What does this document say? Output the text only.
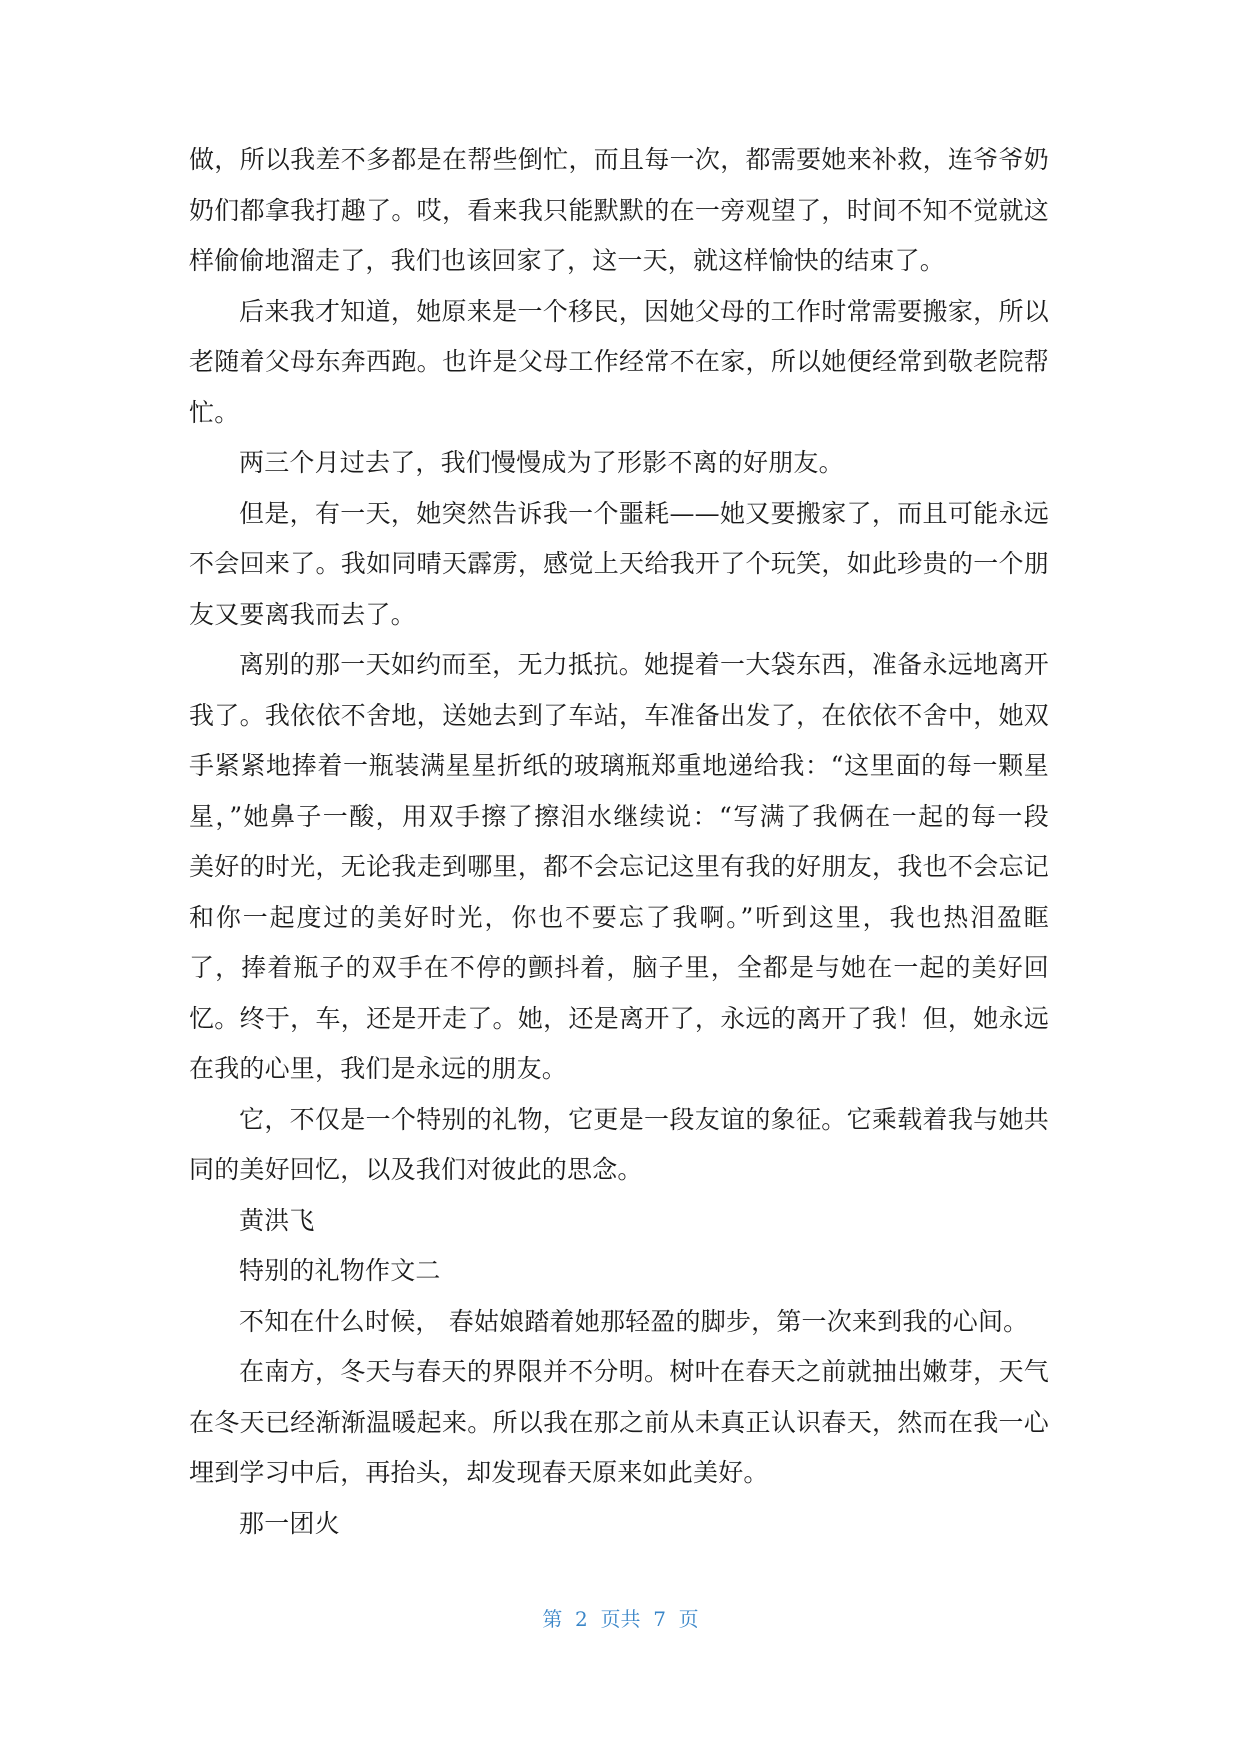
做，所以我差不多都是在帮些倒忙，而且每一次，都需要她来补救，连爷爷奶
奶们都拿我打趣了。哎，看来我只能默默的在一旁观望了，时间不知不觉就这
样偷偷地溜走了，我们也该回家了，这一天，就这样愉快的结束了。
后来我才知道，她原来是一个移民，因她父母的工作时常需要搬家，所以
老随着父母东奔西跑。也许是父母工作经常不在家，所以她便经常到敬老院帮
忙。
两三个月过去了，我们慢慢成为了形影不离的好朋友。
但是，有一天，她突然告诉我一个噩耗——她又要搬家了，而且可能永远
不会回来了。我如同晴天霹雳，感觉上天给我开了个玩笑，如此珍贵的一个朋
友又要离我而去了。
离别的那一天如约而至，无力抵抗。她提着一大袋东西，准备永远地离开
我了。我依依不舍地，送她去到了车站，车准备出发了，在依依不舍中，她双
手紧紧地捧着一瓶装满星星折纸的玻璃瓶郑重地递给我：“这里面的每一颗星
星，”她鼻子一酸，用双手擦了擦泪水继续说：“写满了我俩在一起的每一段
美好的时光，无论我走到哪里，都不会忘记这里有我的好朋友，我也不会忘记
和你一起度过的美好时光，你也不要忘了我啊。”听到这里，我也热泪盈眶
了，捧着瓶子的双手在不停的颤抖着，脑子里，全都是与她在一起的美好回
忆。终于，车，还是开走了。她，还是离开了，永远的离开了我！但，她永远
在我的心里，我们是永远的朋友。
它，不仅是一个特别的礼物，它更是一段友谊的象征。它乘载着我与她共
同的美好回忆，以及我们对彼此的思念。
黄洪飞
特别的礼物作文二
不知在什么时候， 春姑娘踏着她那轻盈的脚步，第一次来到我的心间。
在南方，冬天与春天的界限并不分明。树叶在春天之前就抽出嫩芽，天气
在冬天已经渐渐温暖起来。所以我在那之前从未真正认识春天，然而在我一心
埋到学习中后，再抬头，却发现春天原来如此美好。
那一团火
第  2  页共  7  页
